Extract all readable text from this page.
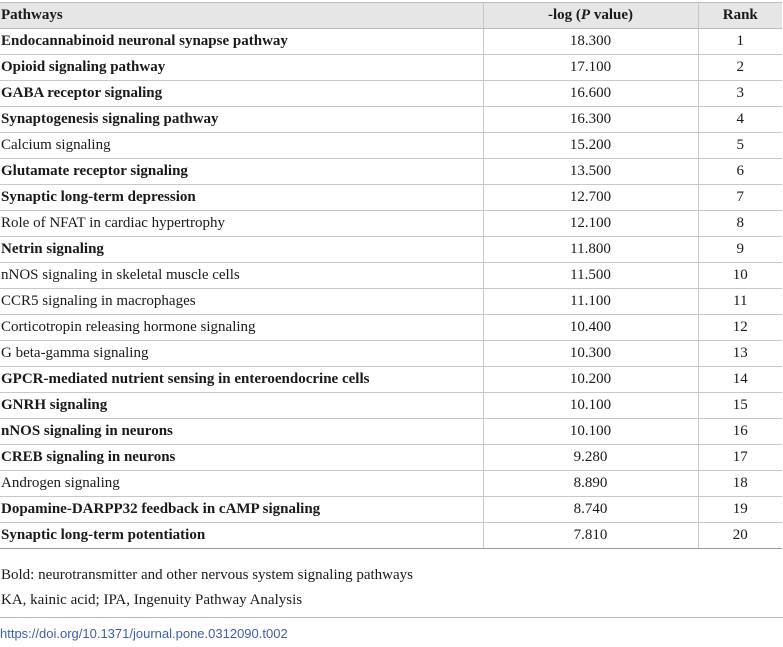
Pathways	-log (P value)	Rank
Endocannabinoid neuronal synapse pathway	18.300	1
Opioid signaling pathway	17.100	2
GABA receptor signaling	16.600	3
Synaptogenesis signaling pathway	16.300	4
Calcium signaling	15.200	5
Glutamate receptor signaling	13.500	6
Synaptic long-term depression	12.700	7
Role of NFAT in cardiac hypertrophy	12.100	8
Netrin signaling	11.800	9
nNOS signaling in skeletal muscle cells	11.500	10
CCR5 signaling in macrophages	11.100	11
Corticotropin releasing hormone signaling	10.400	12
G beta-gamma signaling	10.300	13
GPCR-mediated nutrient sensing in enteroendocrine cells	10.200	14
GNRH signaling	10.100	15
nNOS signaling in neurons	10.100	16
CREB signaling in neurons	9.280	17
Androgen signaling	8.890	18
Dopamine-DARPP32 feedback in cAMP signaling	8.740	19
Synaptic long-term potentiation	7.810	20
Bold: neurotransmitter and other nervous system signaling pathways
KA, kainic acid; IPA, Ingenuity Pathway Analysis
https://doi.org/10.1371/journal.pone.0312090.t002
